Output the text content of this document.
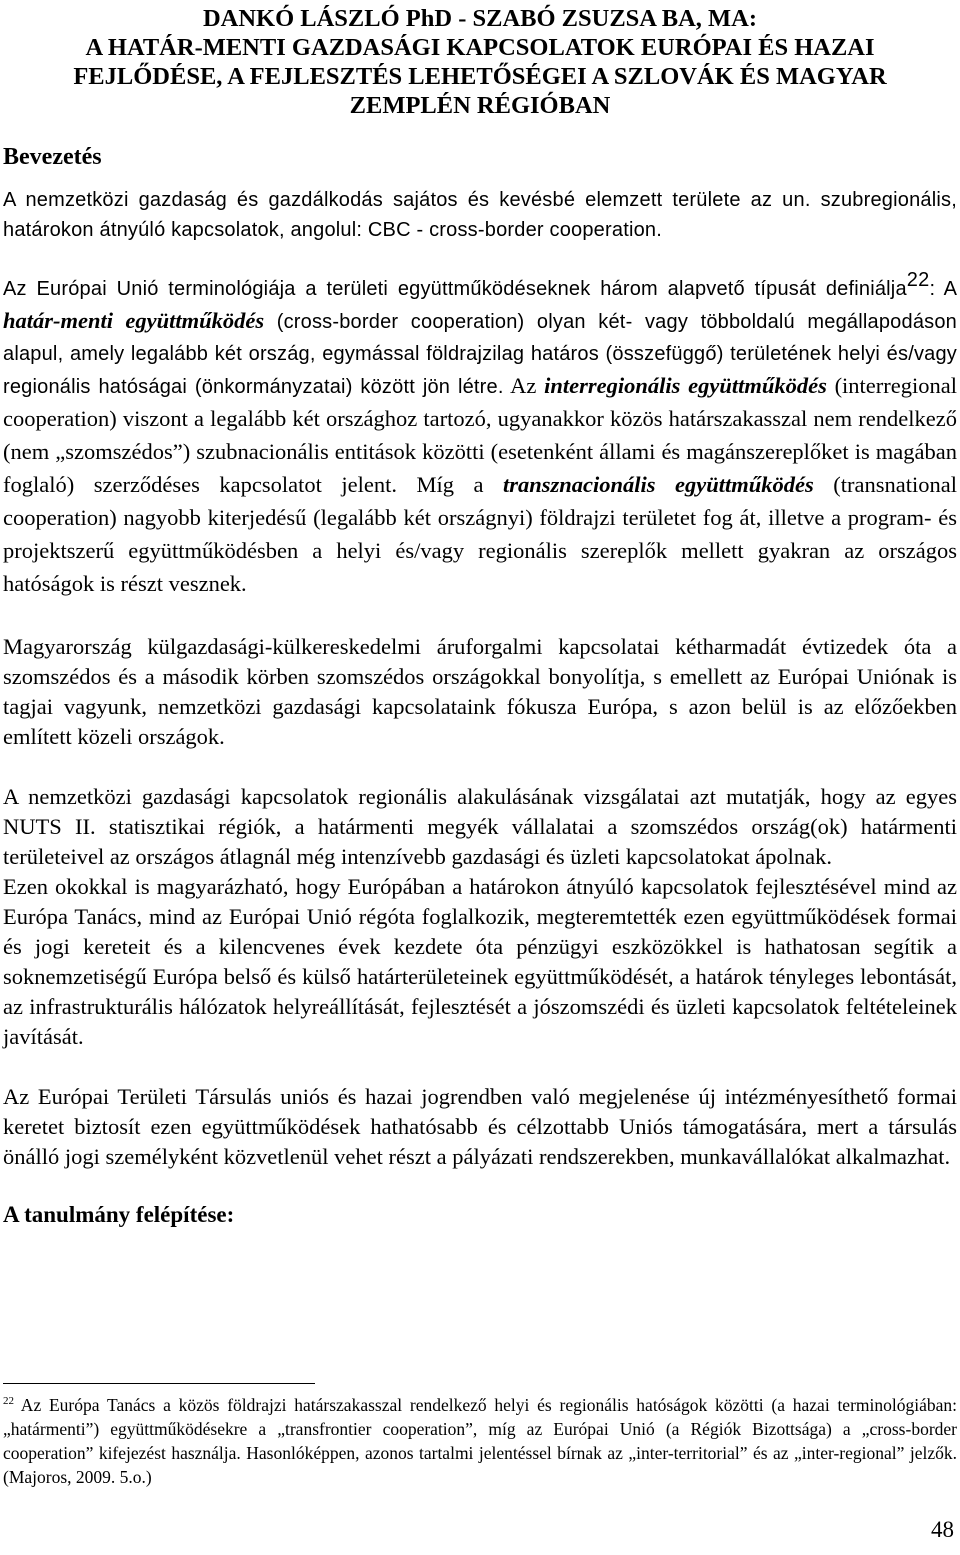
DANKÓ LÁSZLÓ PhD - SZABÓ ZSUZSA BA, MA:
A HATÁR-MENTI GAZDASÁGI KAPCSOLATOK EURÓPAI ÉS HAZAI
FEJLŐDÉSE, A FEJLESZTÉS LEHETŐSÉGEI A SZLOVÁK ÉS MAGYAR
ZEMPLÉN RÉGIÓBAN
Bevezetés

A nemzetközi gazdaság és gazdálkodás sajátos és kevésbé elemzett területe az un. szubregionális, határokon átnyúló kapcsolatok, angolul: CBC - cross-border cooperation.

Az Európai Unió terminológiája a területi együttműködéseknek három alapvető típusát definiálja$^{22}$: A határ-menti együttműködés (cross-border cooperation) olyan két- vagy többoldalú megállapodáson alapul, amely legalább két ország, egymással földrajzilag határos (összefüggő) területének helyi és/vagy regionális hatóságai (önkormányzatai) között jön létre. Az interregionális együttműködés (interregional cooperation) viszont a legalább két országhoz tartozó, ugyanakkor közös határszakasszal nem rendelkező (nem „szomszédos”) szubnacionális entitások közötti (esetenként állami és magánszereplőket is magában foglaló) szerződéses kapcsolatot jelent. Míg a transznacionális együttműködés (transnational cooperation) nagyobb kiterjedésű (legalább két országnyi) földrajzi területet fog át, illetve a program- és projektszerű együttműködésben a helyi és/vagy regionális szereplők mellett gyakran az országos hatóságok is részt vesznek.

Magyarország külgazdasági-külkereskedelmi áruforgalmi kapcsolatai kétharmadát évtizedek óta a szomszédos és a második körben szomszédos országokkal bonyolítja, s emellett az Európai Uniónak is tagjai vagyunk, nemzetközi gazdasági kapcsolataink fókusza Európa, s azon belül is az előzőekben említett közeli országok.

A nemzetközi gazdasági kapcsolatok regionális alakulásának vizsgálatai azt mutatják, hogy az egyes NUTS II. statisztikai régiók, a határmenti megyék vállalatai a szomszédos ország(ok) határmenti területeivel az országos átlagnál még intenzívebb gazdasági és üzleti kapcsolatokat ápolnak.

Ezen okokkal is magyarázható, hogy Európában a határokon átnyúló kapcsolatok fejlesztésével mind az Európa Tanács, mind az Európai Unió régóta foglalkozik, megteremtették ezen együttműködések formai és jogi kereteit és a kilencvenes évek kezdete óta pénzügyi eszközökkel is hathatosan segítik a soknemzetiségű Európa belső és külső határterületeinek együttműködését, a határok tényleges lebontását, az infrastrukturális hálózatok helyreállítását, fejlesztését a jószomszédi és üzleti kapcsolatok feltételeinek javítását.

Az Európai Területi Társulás uniós és hazai jogrendben való megjelenése új intézményesíthető formai keretet biztosít ezen együttműködések hathatósabb és célzottabb Uniós támogatására, mert a társulás önálló jogi személyként közvetlenül vehet részt a pályázati rendszerekben, munkavállalókat alkalmazhat.

A tanulmány felépítése:
$^{22}$ Az Európa Tanács a közös földrajzi határszakasszal rendelkező helyi és regionális hatóságok közötti (a hazai terminológiában: „határmenti”) együttműködésekre a „transfrontier cooperation”, míg az Európai Unió (a Régiók Bizottsága) a „cross-border cooperation” kifejezést használja. Hasonlóképpen, azonos tartalmi jelentéssel bírnak az „inter-territorial” és az „inter-regional” jelzők. (Majoros, 2009. 5.o.)
48
